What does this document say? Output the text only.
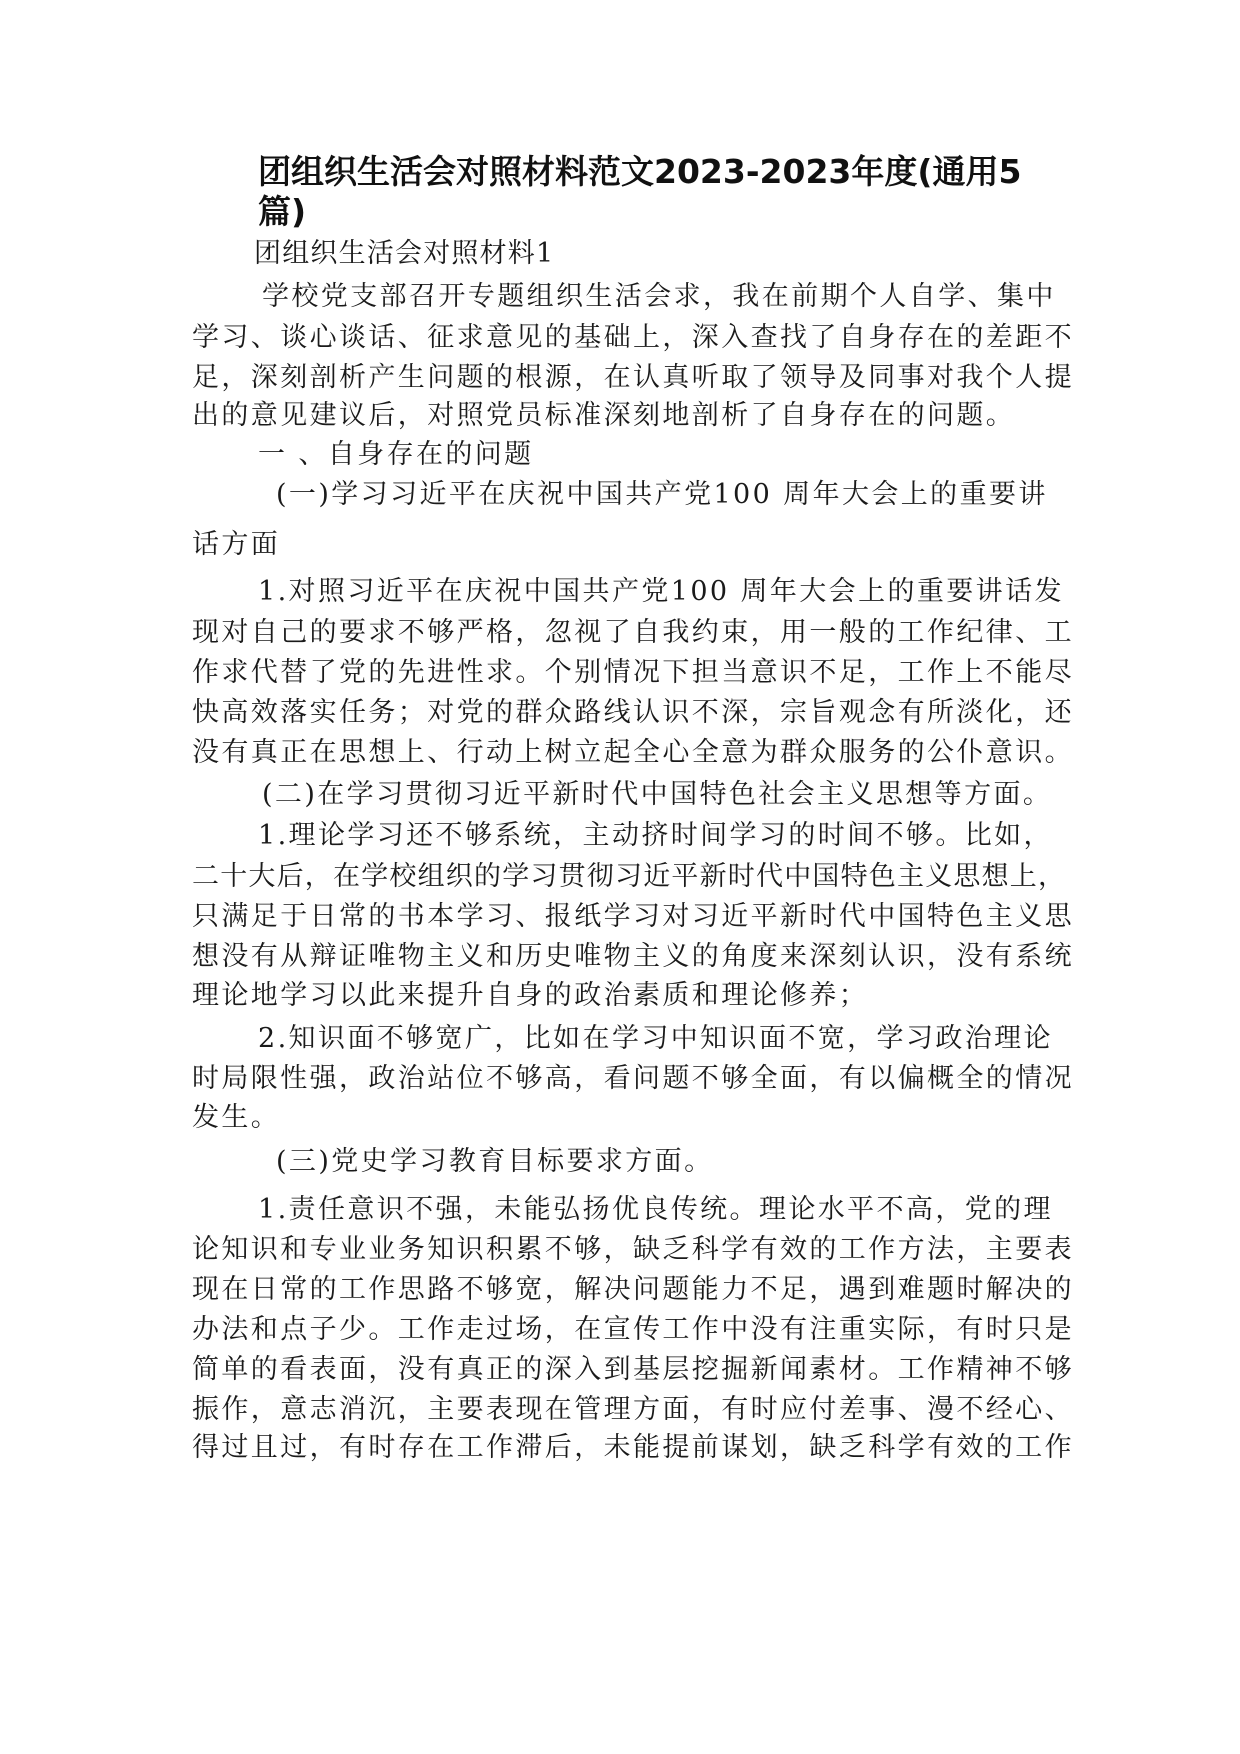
团组织生活会对照材料范文2023-2023年度(通用5篇)

团组织生活会对照材料1

学校党支部召开专题组织生活会求，我在前期个人自学、集中

学习、谈心谈话、征求意见的基础上，深入查找了自身存在的差距不

足，深刻剖析产生问题的根源，在认真听取了领导及同事对我个人提

出的意见建议后，对照党员标准深刻地剖析了自身存在的问题。

一 、自身存在的问题

(一)学习习近平在庆祝中国共产党100 周年大会上的重要讲

话方面

1.对照习近平在庆祝中国共产党100 周年大会上的重要讲话发

现对自己的要求不够严格，忽视了自我约束，用一般的工作纪律、工

作求代替了党的先进性求。个别情况下担当意识不足，工作上不能尽

快高效落实任务；对党的群众路线认识不深，宗旨观念有所淡化，还

没有真正在思想上、行动上树立起全心全意为群众服务的公仆意识。

(二)在学习贯彻习近平新时代中国特色社会主义思想等方面。

1.理论学习还不够系统，主动挤时间学习的时间不够。比如，

二十大后，在学校组织的学习贯彻习近平新时代中国特色主义思想上，

只满足于日常的书本学习、报纸学习对习近平新时代中国特色主义思

想没有从辩证唯物主义和历史唯物主义的角度来深刻认识，没有系统

理论地学习以此来提升自身的政治素质和理论修养；

2.知识面不够宽广，比如在学习中知识面不宽，学习政治理论

时局限性强，政治站位不够高，看问题不够全面，有以偏概全的情况

发生。

(三)党史学习教育目标要求方面。

1.责任意识不强，未能弘扬优良传统。理论水平不高，党的理

论知识和专业业务知识积累不够，缺乏科学有效的工作方法，主要表

现在日常的工作思路不够宽，解决问题能力不足，遇到难题时解决的

办法和点子少。工作走过场，在宣传工作中没有注重实际，有时只是

简单的看表面，没有真正的深入到基层挖掘新闻素材。工作精神不够

振作，意志消沉，主要表现在管理方面，有时应付差事、漫不经心、

得过且过，有时存在工作滞后，未能提前谋划，缺乏科学有效的工作
